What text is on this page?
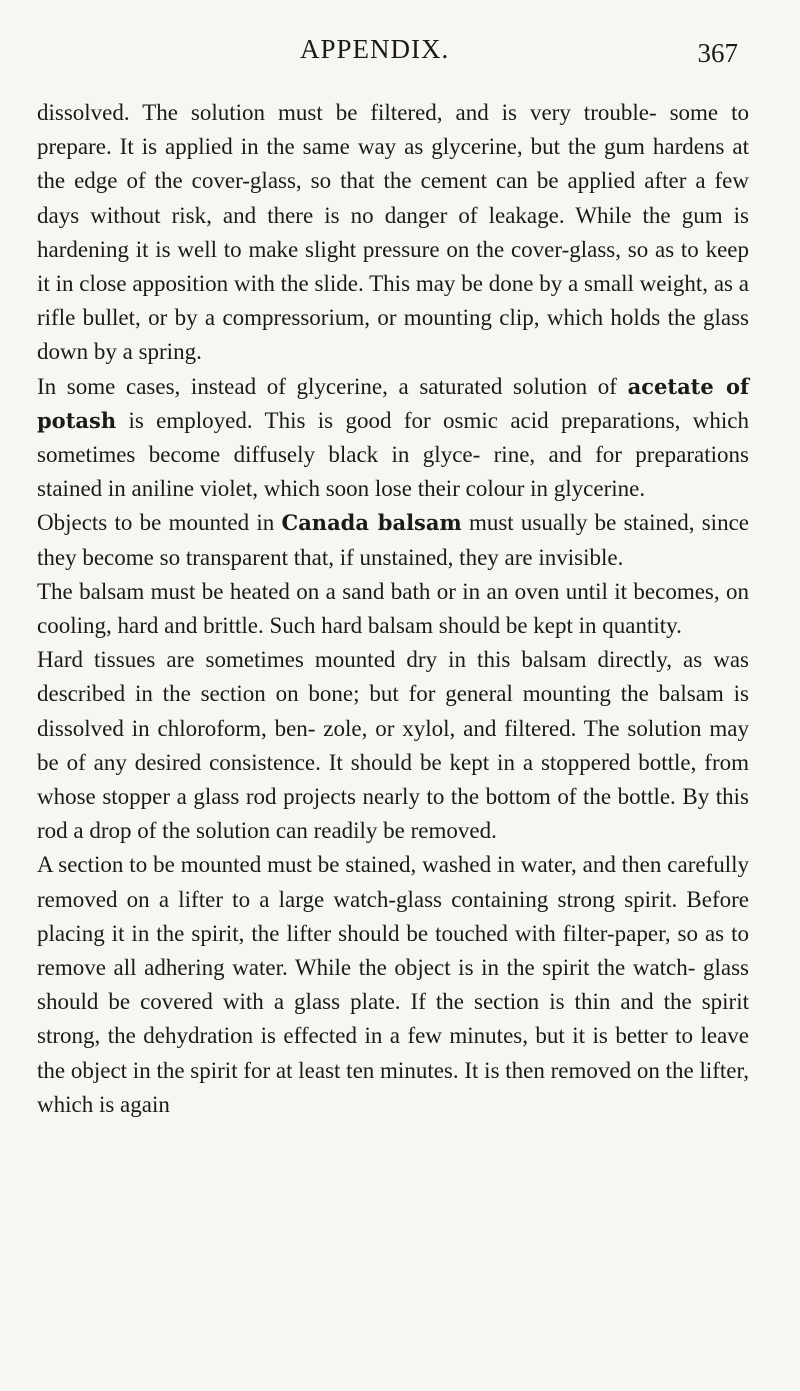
APPENDIX.	367

dissolved. The solution must be filtered, and is very trouble- some to prepare. It is applied in the same way as glycerine, but the gum hardens at the edge of the cover-glass, so that the cement can be applied after a few days without risk, and there is no danger of leakage. While the gum is hardening it is well to make slight pressure on the cover-glass, so as to keep it in close apposition with the slide. This may be done by a small weight, as a rifle bullet, or by a compressorium, or mounting clip, which holds the glass down by a spring.

In some cases, instead of glycerine, a saturated solution of acetate of potash is employed. This is good for osmic acid preparations, which sometimes become diffusely black in glyce- rine, and for preparations stained in aniline violet, which soon lose their colour in glycerine.

Objects to be mounted in Canada balsam must usually be stained, since they become so transparent that, if unstained, they are invisible.

The balsam must be heated on a sand bath or in an oven until it becomes, on cooling, hard and brittle. Such hard balsam should be kept in quantity.

Hard tissues are sometimes mounted dry in this balsam directly, as was described in the section on bone; but for general mounting the balsam is dissolved in chloroform, ben- zole, or xylol, and filtered. The solution may be of any desired consistence. It should be kept in a stoppered bottle, from whose stopper a glass rod projects nearly to the bottom of the bottle. By this rod a drop of the solution can readily be removed.

A section to be mounted must be stained, washed in water, and then carefully removed on a lifter to a large watch-glass containing strong spirit. Before placing it in the spirit, the lifter should be touched with filter-paper, so as to remove all adhering water. While the object is in the spirit the watch- glass should be covered with a glass plate. If the section is thin and the spirit strong, the dehydration is effected in a few minutes, but it is better to leave the object in the spirit for at least ten minutes. It is then removed on the lifter, which is again
